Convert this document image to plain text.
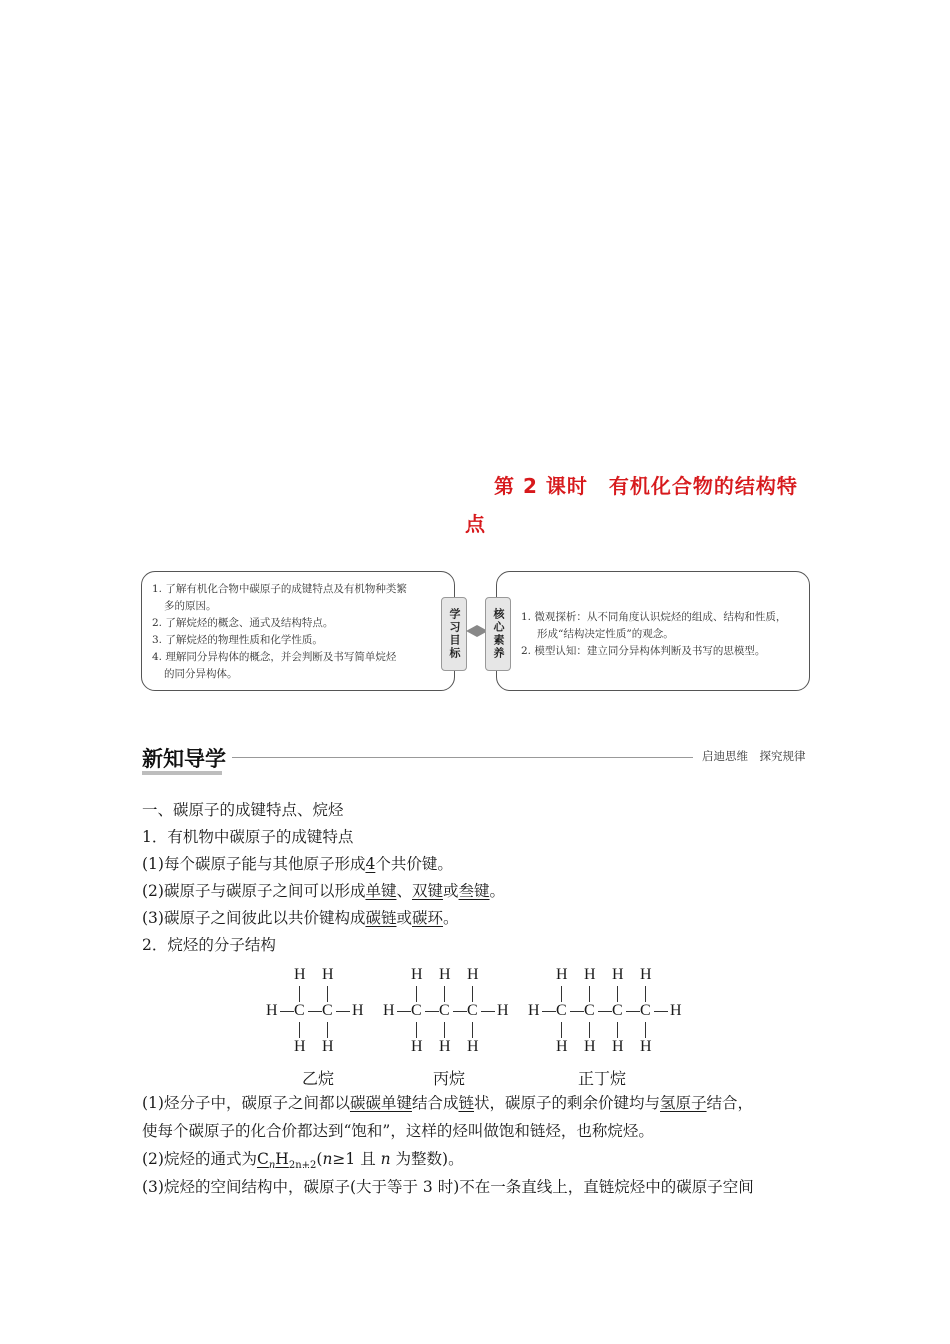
第 2 课时　有机化合物的结构特
点
1. 了解有机化合物中碳原子的成键特点及有机物种类繁
多的原因。
2. 了解烷烃的概念、通式及结构特点。
3. 了解烷烃的物理性质和化学性质。
4. 理解同分异构体的概念，并会判断及书写简单烷烃
的同分异构体。
学习目标	1. 微观探析：从不同角度认识烷烃的组成、结构和性质，
形成“结构决定性质”的观念。
2. 模型认知：建立同分异构体判断及书写的思模型。
核心素养
新知导学	启迪思维　探究规律
一、碳原子的成键特点、烷烃
1．有机物中碳原子的成键特点
(1)每个碳原子能与其他原子形成4个共价键。
(2)碳原子与碳原子之间可以形成单键、双键或叁键。
(3)碳原子之间彼此以共价键构成碳链或碳环。
2．烷烃的分子结构
H H
H C C H
H H
乙烷
H H H
H C C C H
H H H
丙烷
H H H H
H C C C C H
H H H H
正丁烷
(1)烃分子中，碳原子之间都以碳碳单键结合成链状，碳原子的剩余价键均与氢原子结合，
使每个碳原子的化合价都达到“饱和”，这样的烃叫做饱和链烃，也称烷烃。
(2)烷烃的通式为$C_nH_{2n+2}(n\ge 1$ 且 n 为整数)。
(3)烷烃的空间结构中，碳原子(大于等于 3 时)不在一条直线上，直链烷烃中的碳原子空间
